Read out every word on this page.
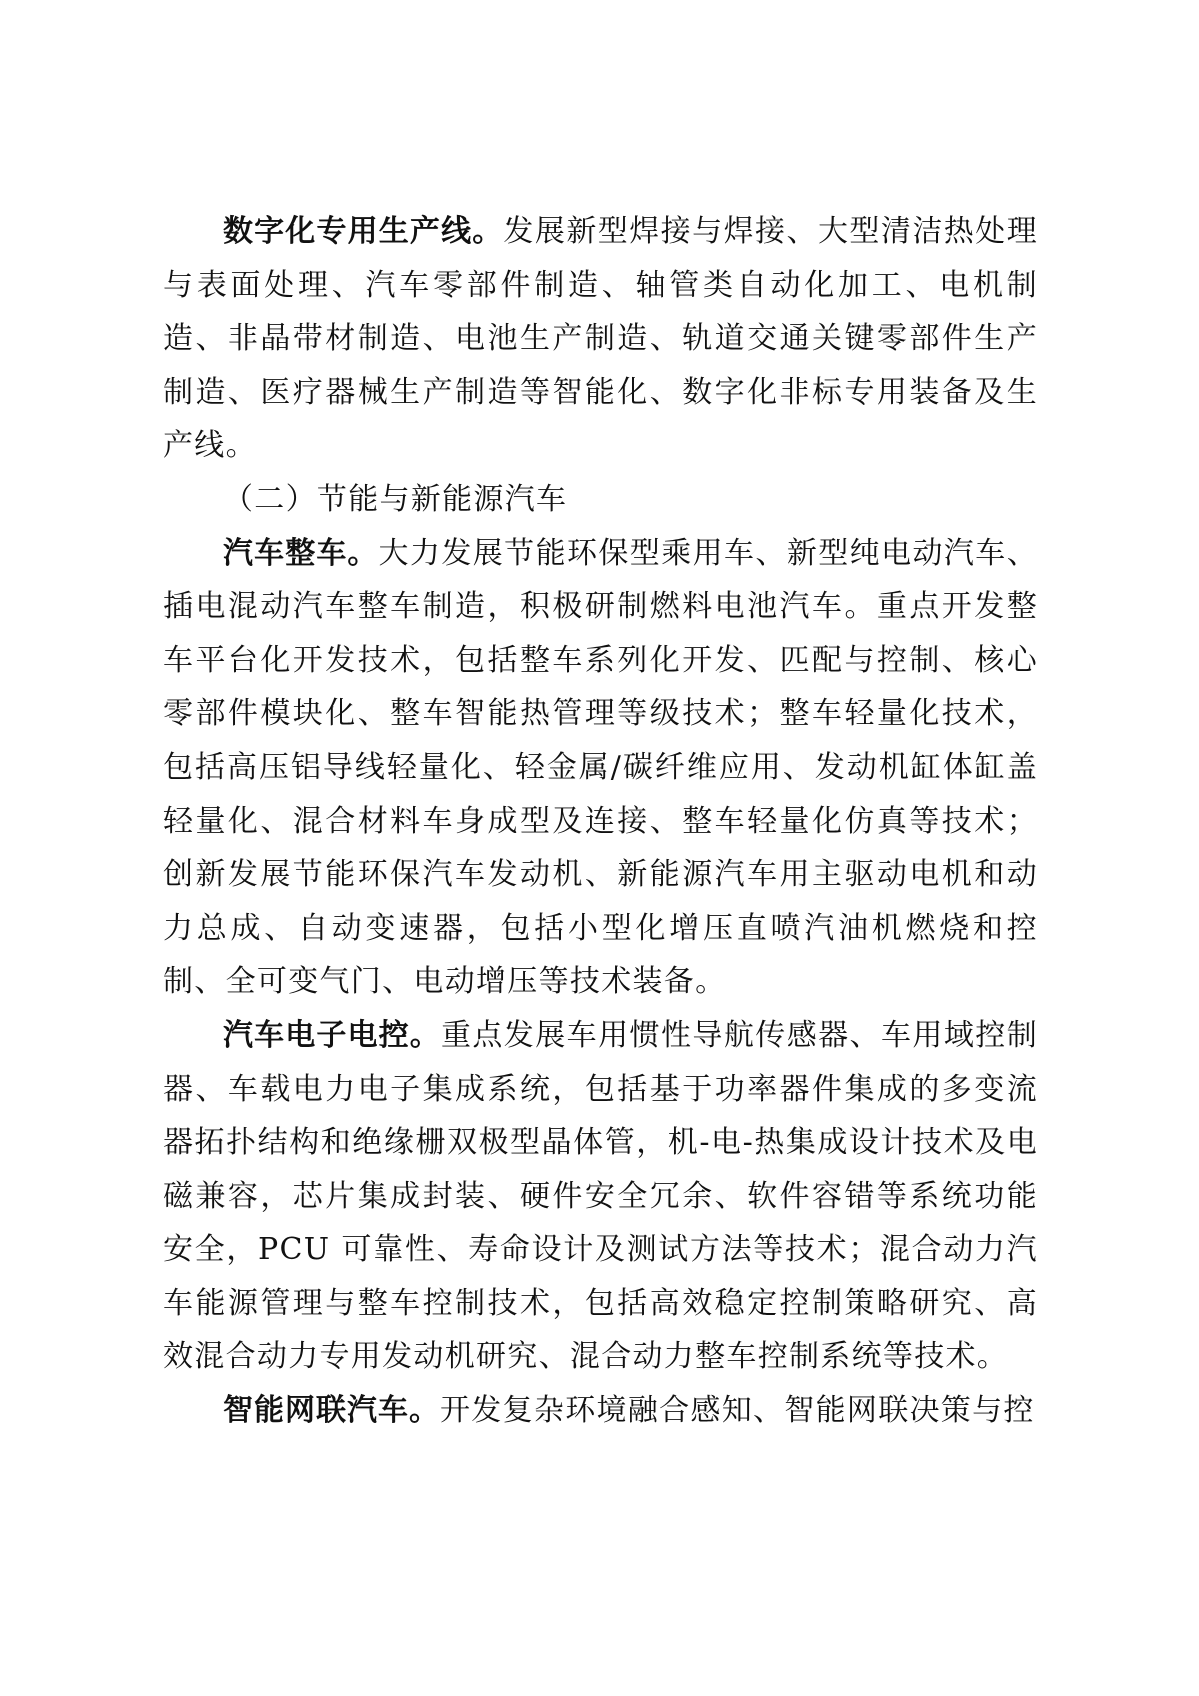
数字化专用生产线。发展新型焊接与焊接、大型清洁热处理与表面处理、汽车零部件制造、轴管类自动化加工、电机制造、非晶带材制造、电池生产制造、轨道交通关键零部件生产制造、医疗器械生产制造等智能化、数字化非标专用装备及生产线。

（二）节能与新能源汽车

汽车整车。大力发展节能环保型乘用车、新型纯电动汽车、插电混动汽车整车制造，积极研制燃料电池汽车。重点开发整车平台化开发技术，包括整车系列化开发、匹配与控制、核心零部件模块化、整车智能热管理等级技术；整车轻量化技术，包括高压铝导线轻量化、轻金属/碳纤维应用、发动机缸体缸盖轻量化、混合材料车身成型及连接、整车轻量化仿真等技术；创新发展节能环保汽车发动机、新能源汽车用主驱动电机和动力总成、自动变速器，包括小型化增压直喷汽油机燃烧和控制、全可变气门、电动增压等技术装备。

汽车电子电控。重点发展车用惯性导航传感器、车用域控制器、车载电力电子集成系统，包括基于功率器件集成的多变流器拓扑结构和绝缘栅双极型晶体管，机-电-热集成设计技术及电磁兼容，芯片集成封装、硬件安全冗余、软件容错等系统功能安全，PCU 可靠性、寿命设计及测试方法等技术；混合动力汽车能源管理与整车控制技术，包括高效稳定控制策略研究、高效混合动力专用发动机研究、混合动力整车控制系统等技术。

智能网联汽车。开发复杂环境融合感知、智能网联决策与控
